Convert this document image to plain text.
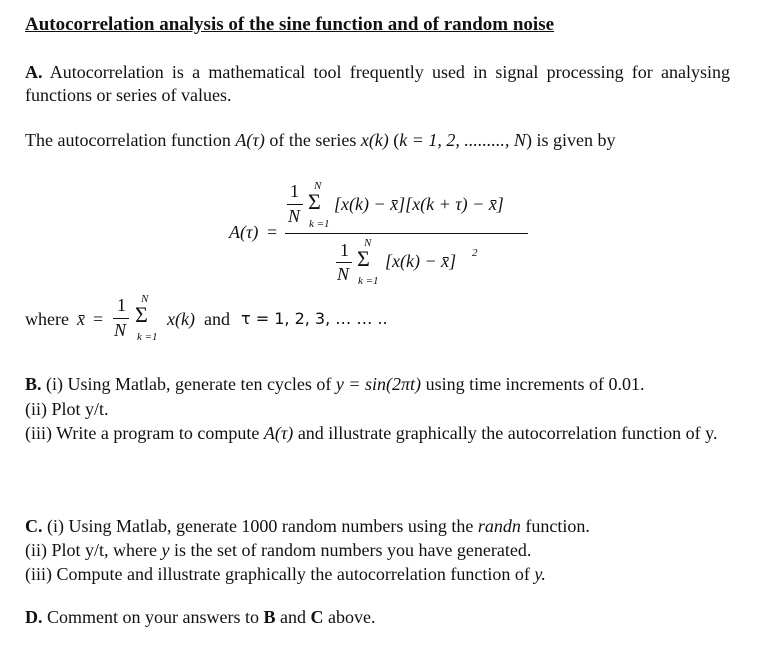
Autocorrelation analysis of the sine function and of random noise
A. Autocorrelation is a mathematical tool frequently used in signal processing for analysing functions or series of values.
The autocorrelation function A(τ) of the series x(k) (k = 1, 2, ........., N) is given by
A(τ) =
1
N
N
Σ
k =1
[x(k) − x̄][x(k + τ) − x̄]
1
N
N
Σ
k =1
[x(k) − x̄] 2
where x̄ =
1
N
N
Σ
k =1
x(k) and τ = 1, 2, 3, … … ..
B. (i) Using Matlab, generate ten cycles of y = sin(2πt) using time increments of 0.01.
(ii) Plot y/t.
(iii) Write a program to compute A(τ) and illustrate graphically the autocorrelation function of y.
C. (i) Using Matlab, generate 1000 random numbers using the randn function.
(ii) Plot y/t, where y is the set of random numbers you have generated.
(iii) Compute and illustrate graphically the autocorrelation function of y.
D. Comment on your answers to B and C above.
